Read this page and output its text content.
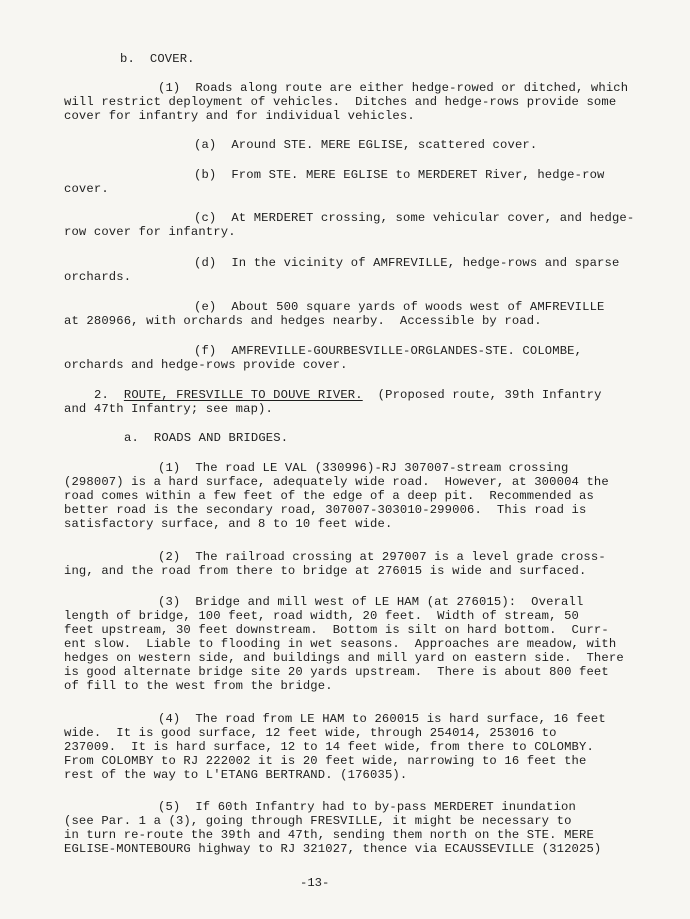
b.  COVER.
(1)  Roads along route are either hedge-rowed or ditched, which
will restrict deployment of vehicles.  Ditches and hedge-rows provide some
cover for infantry and for individual vehicles.
(a)  Around STE. MERE EGLISE, scattered cover.
(b)  From STE. MERE EGLISE to MERDERET River, hedge-row
cover.
(c)  At MERDERET crossing, some vehicular cover, and hedge-
row cover for infantry.
(d)  In the vicinity of AMFREVILLE, hedge-rows and sparse
orchards.
(e)  About 500 square yards of woods west of AMFREVILLE
at 280966, with orchards and hedges nearby.  Accessible by road.
(f)  AMFREVILLE-GOURBESVILLE-ORGLANDES-STE. COLOMBE,
orchards and hedge-rows provide cover.
2. ROUTE, FRESVILLE TO DOUVE RIVER.  (Proposed route, 39th Infantry
and 47th Infantry; see map).
a.  ROADS AND BRIDGES.
(1)  The road LE VAL (330996)-RJ 307007-stream crossing
(298007) is a hard surface, adequately wide road.  However, at 300004 the
road comes within a few feet of the edge of a deep pit.  Recommended as
better road is the secondary road, 307007-303010-299006.  This road is
satisfactory surface, and 8 to 10 feet wide.
(2)  The railroad crossing at 297007 is a level grade cross-
ing, and the road from there to bridge at 276015 is wide and surfaced.
(3)  Bridge and mill west of LE HAM (at 276015):  Overall
length of bridge, 100 feet, road width, 20 feet.  Width of stream, 50
feet upstream, 30 feet downstream.  Bottom is silt on hard bottom.  Curr-
ent slow.  Liable to flooding in wet seasons.  Approaches are meadow, with
hedges on western side, and buildings and mill yard on eastern side.  There
is good alternate bridge site 20 yards upstream.  There is about 800 feet
of fill to the west from the bridge.
(4)  The road from LE HAM to 260015 is hard surface, 16 feet
wide.  It is good surface, 12 feet wide, through 254014, 253016 to
237009.  It is hard surface, 12 to 14 feet wide, from there to COLOMBY.
From COLOMBY to RJ 222002 it is 20 feet wide, narrowing to 16 feet the
rest of the way to L'ETANG BERTRAND. (176035).
(5)  If 60th Infantry had to by-pass MERDERET inundation
(see Par. 1 a (3), going through FRESVILLE, it might be necessary to
in turn re-route the 39th and 47th, sending them north on the STE. MERE
EGLISE-MONTEBOURG highway to RJ 321027, thence via ECAUSSEVILLE (312025)
-13-
